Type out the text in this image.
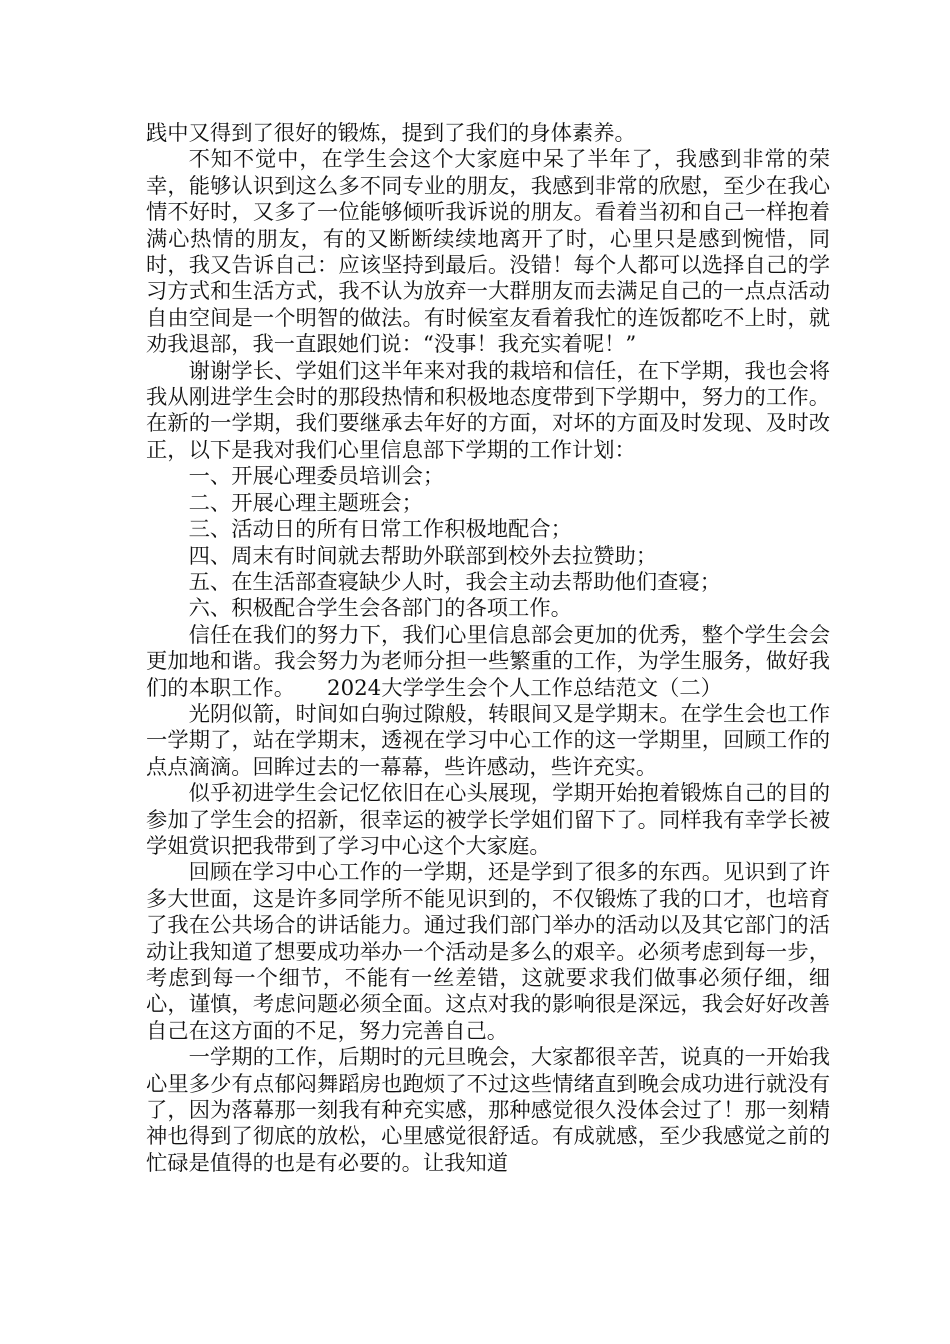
践中又得到了很好的锻炼，提到了我们的身体素养。

不知不觉中，在学生会这个大家庭中呆了半年了，我感到非常的荣幸，能够认识到这么多不同专业的朋友，我感到非常的欣慰，至少在我心情不好时，又多了一位能够倾听我诉说的朋友。看着当初和自己一样抱着满心热情的朋友，有的又断断续续地离开了时，心里只是感到惋惜，同时，我又告诉自己：应该坚持到最后。没错！每个人都可以选择自己的学习方式和生活方式，我不认为放弃一大群朋友而去满足自己的一点点活动自由空间是一个明智的做法。有时候室友看着我忙的连饭都吃不上时，就劝我退部，我一直跟她们说：“没事！我充实着呢！”

谢谢学长、学姐们这半年来对我的栽培和信任，在下学期，我也会将我从刚进学生会时的那段热情和积极地态度带到下学期中，努力的工作。在新的一学期，我们要继承去年好的方面，对坏的方面及时发现、及时改正，以下是我对我们心里信息部下学期的工作计划：

一、开展心理委员培训会；

二、开展心理主题班会；

三、活动日的所有日常工作积极地配合；

四、周末有时间就去帮助外联部到校外去拉赞助；

五、在生活部查寝缺少人时，我会主动去帮助他们查寝；

六、积极配合学生会各部门的各项工作。

信任在我们的努力下，我们心里信息部会更加的优秀，整个学生会会更加地和谐。我会努力为老师分担一些繁重的工作，为学生服务，做好我们的本职工作。　　2024大学学生会个人工作总结范文（二）

光阴似箭，时间如白驹过隙般，转眼间又是学期末。在学生会也工作一学期了，站在学期末，透视在学习中心工作的这一学期里，回顾工作的点点滴滴。回眸过去的一幕幕，些许感动，些许充实。

似乎初进学生会记忆依旧在心头展现，学期开始抱着锻炼自己的目的参加了学生会的招新，很幸运的被学长学姐们留下了。同样我有幸学长被学姐赏识把我带到了学习中心这个大家庭。

回顾在学习中心工作的一学期，还是学到了很多的东西。见识到了许多大世面，这是许多同学所不能见识到的，不仅锻炼了我的口才，也培育了我在公共场合的讲话能力。通过我们部门举办的活动以及其它部门的活动让我知道了想要成功举办一个活动是多么的艰辛。必须考虑到每一步，考虑到每一个细节，不能有一丝差错，这就要求我们做事必须仔细，细心，谨慎，考虑问题必须全面。这点对我的影响很是深远，我会好好改善自己在这方面的不足，努力完善自己。

一学期的工作，后期时的元旦晚会，大家都很辛苦，说真的一开始我心里多少有点郁闷舞蹈房也跑烦了不过这些情绪直到晚会成功进行就没有了，因为落幕那一刻我有种充实感，那种感觉很久没体会过了！那一刻精神也得到了彻底的放松，心里感觉很舒适。有成就感，至少我感觉之前的忙碌是值得的也是有必要的。让我知道
